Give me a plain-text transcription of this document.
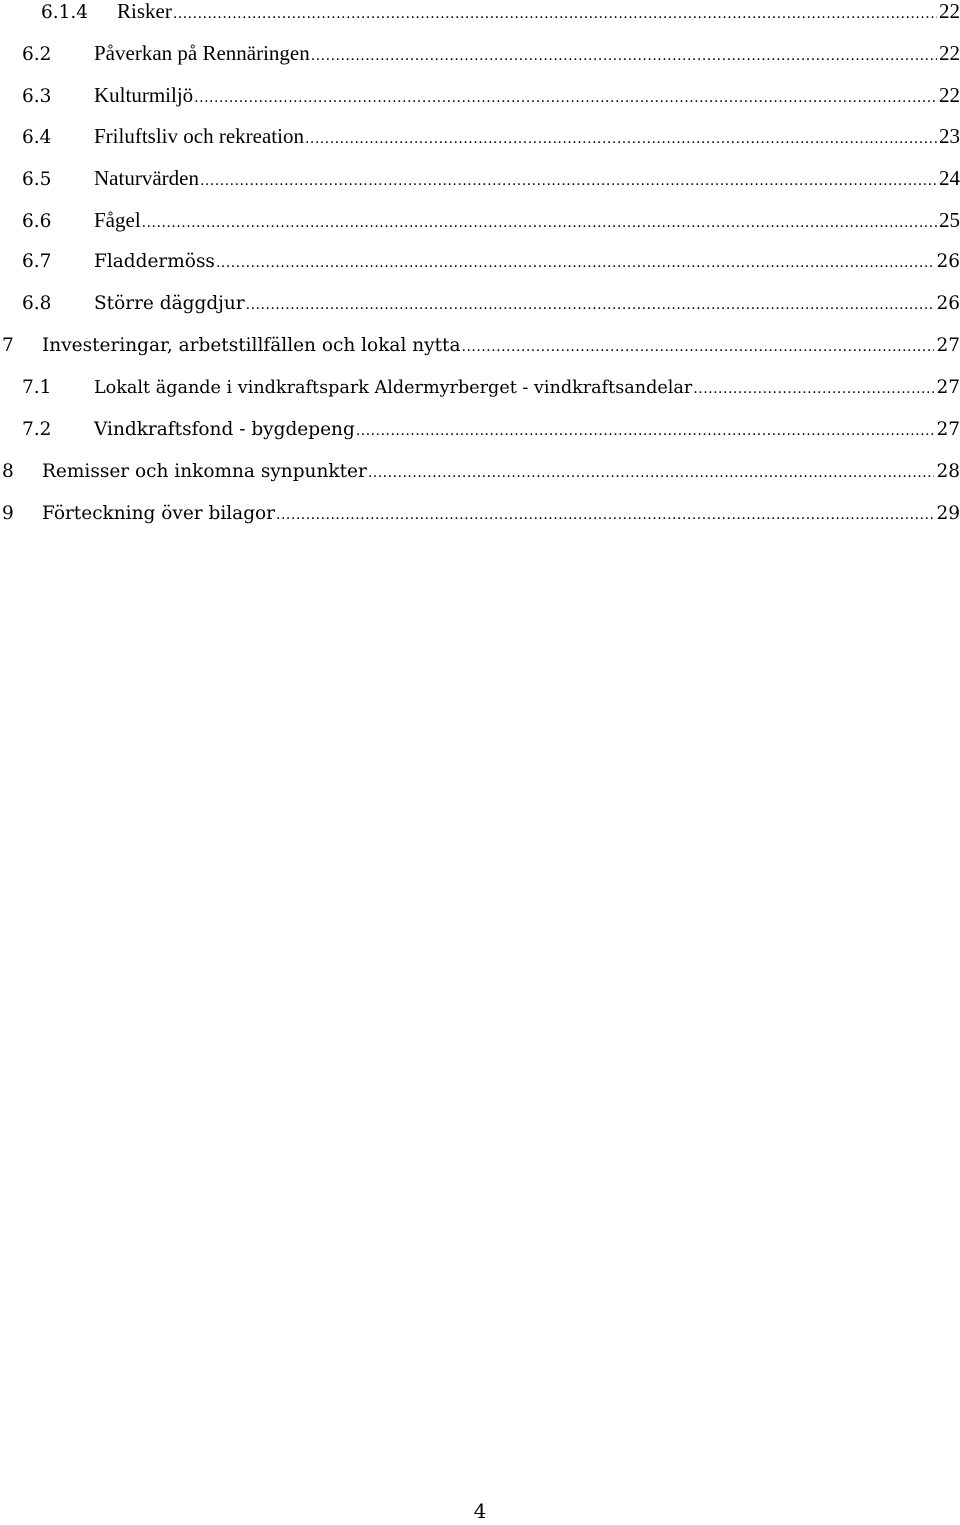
6.1.4	Risker .....	22
6.2	Påverkan på Rennäringen .....	22
6.3	Kulturmiljö .....	22
6.4	Friluftsliv och rekreation .....	23
6.5	Naturvärden .....	24
6.6	Fågel .....	25
6.7	Fladdermöss .....	26
6.8	Större däggdjur .....	26
7	Investeringar, arbetstillfällen och lokal nytta .....	27
7.1	Lokalt ägande i vindkraftspark Aldermyrberget - vindkraftsandelar .....	27
7.2	Vindkraftsfond - bygdepeng .....	27
8	Remisser och inkomna synpunkter .....	28
9	Förteckning över bilagor .....	29
4
